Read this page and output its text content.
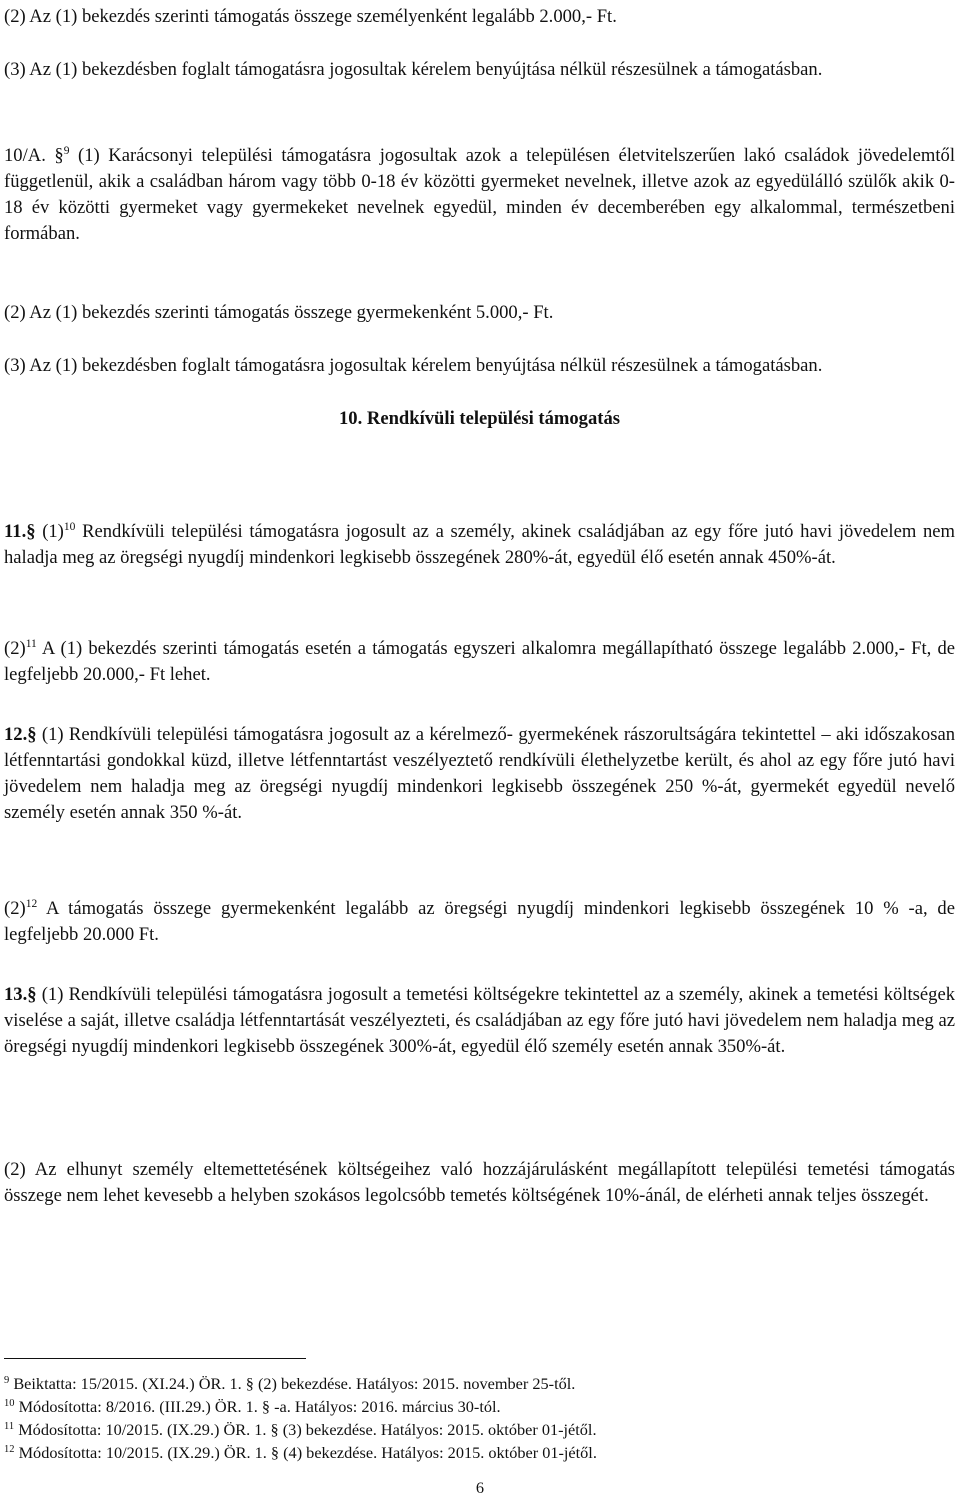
(2) Az (1) bekezdés szerinti támogatás összege személyenként legalább 2.000,- Ft.

(3) Az (1) bekezdésben foglalt támogatásra jogosultak kérelem benyújtása nélkül részesülnek a támogatásban.

10/A. §$^9$ (1) Karácsonyi települési támogatásra jogosultak azok a településen életvitelszerűen lakó családok jövedelemtől függetlenül, akik a családban három vagy több 0-18 év közötti gyermeket nevelnek, illetve azok az egyedülálló szülők akik 0-18 év közötti gyermeket vagy gyermekeket nevelnek egyedül, minden év decemberében egy alkalommal, természetbeni formában.

(2) Az (1) bekezdés szerinti támogatás összege gyermekenként 5.000,- Ft.

(3) Az (1) bekezdésben foglalt támogatásra jogosultak kérelem benyújtása nélkül részesülnek a támogatásban.

10. Rendkívüli települési támogatás

11.§ $(1)^{10}$ Rendkívüli települési támogatásra jogosult az a személy, akinek családjában az egy főre jutó havi jövedelem nem haladja meg az öregségi nyugdíj mindenkori legkisebb összegének 280%-át, egyedül élő esetén annak 450%-át.

$(2)^{11}$ A (1) bekezdés szerinti támogatás esetén a támogatás egyszeri alkalomra megállapítható összege legalább 2.000,- Ft, de legfeljebb 20.000,- Ft lehet.

12.§ (1) Rendkívüli települési támogatásra jogosult az a kérelmező- gyermekének rászorultságára tekintettel – aki időszakosan létfenntartási gondokkal küzd, illetve létfenntartást veszélyeztető rendkívüli élethelyzetbe került, és ahol az egy főre jutó havi jövedelem nem haladja meg az öregségi nyugdíj mindenkori legkisebb összegének 250 %-át, gyermekét egyedül nevelő személy esetén annak 350 %-át.

$(2)^{12}$ A támogatás összege gyermekenként legalább az öregségi nyugdíj mindenkori legkisebb összegének 10 % -a, de legfeljebb 20.000 Ft.

13.§ (1) Rendkívüli települési támogatásra jogosult a temetési költségekre tekintettel az a személy, akinek a temetési költségek viselése a saját, illetve családja létfenntartását veszélyezteti, és családjában az egy főre jutó havi jövedelem nem haladja meg az öregségi nyugdíj mindenkori legkisebb összegének 300%-át, egyedül élő személy esetén annak 350%-át.

(2) Az elhunyt személy eltemettetésének költségeihez való hozzájárulásként megállapított települési temetési támogatás összege nem lehet kevesebb a helyben szokásos legolcsóbb temetés költségének 10%-ánál, de elérheti annak teljes összegét.

$^9$ Beiktatta: 15/2015. (XI.24.) ÖR. 1. § (2) bekezdése. Hatályos: 2015. november 25-től.
$^{10}$ Módosította: 8/2016. (III.29.) ÖR. 1. § -a. Hatályos: 2016. március 30-tól.
$^{11}$ Módosította: 10/2015. (IX.29.) ÖR. 1. § (3) bekezdése. Hatályos: 2015. október 01-jétől.
$^{12}$ Módosította: 10/2015. (IX.29.) ÖR. 1. § (4) bekezdése. Hatályos: 2015. október 01-jétől.
6
